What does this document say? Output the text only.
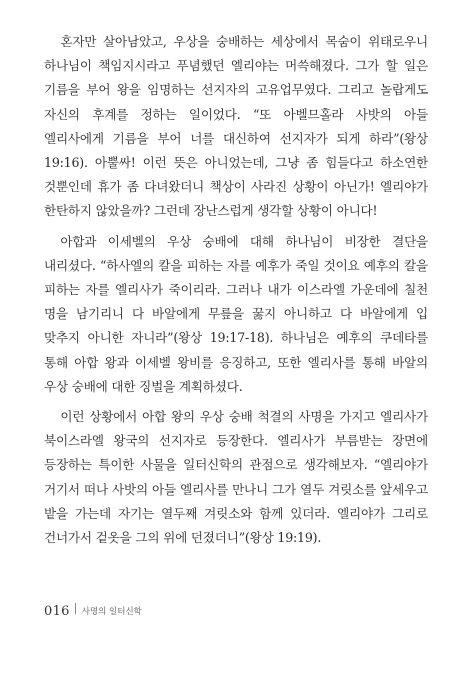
혼자만 살아남았고, 우상을 숭배하는 세상에서 목숨이 위태로우니 하나님이 책임지시라고 푸념했던 엘리야는 머쓱해졌다. 그가 할 일은 기름을 부어 왕을 임명하는 선지자의 고유업무였다. 그리고 놀랍게도 자신의 후계를 정하는 일이었다. “또 아벨므홀라 사밧의 아들 엘리사에게 기름을 부어 너를 대신하여 선지자가 되게 하라”(왕상 19:16). 아뿔싸! 이런 뜻은 아니었는데, 그냥 좀 힘들다고 하소연한 것뿐인데 휴가 좀 다녀왔더니 책상이 사라진 상황이 아닌가! 엘리야가 한탄하지 않았을까? 그런데 장난스럽게 생각할 상황이 아니다!

아합과 이세벨의 우상 숭배에 대해 하나님이 비장한 결단을 내리셨다. “하사엘의 칼을 피하는 자를 예후가 죽일 것이요 예후의 칼을 피하는 자를 엘리사가 죽이리라. 그러나 내가 이스라엘 가운데에 칠천 명을 남기리니 다 바알에게 무릎을 꿇지 아니하고 다 바알에게 입 맞추지 아니한 자니라”(왕상 19:17-18). 하나님은 예후의 쿠데타를 통해 아합 왕과 이세벨 왕비를 응징하고, 또한 엘리사를 통해 바알의 우상 숭배에 대한 징벌을 계획하셨다.

이런 상황에서 아합 왕의 우상 숭배 척결의 사명을 가지고 엘리사가 북이스라엘 왕국의 선지자로 등장한다. 엘리사가 부름받는 장면에 등장하는 특이한 사물을 일터신학의 관점으로 생각해보자. “엘리야가 거기서 떠나 사밧의 아들 엘리사를 만나니 그가 열두 겨릿소를 앞세우고 밭을 가는데 자기는 열두째 겨릿소와 함께 있더라. 엘리야가 그리로 건너가서 겉옷을 그의 위에 던졌더니”(왕상 19:19).

016 사명의 일터신학
